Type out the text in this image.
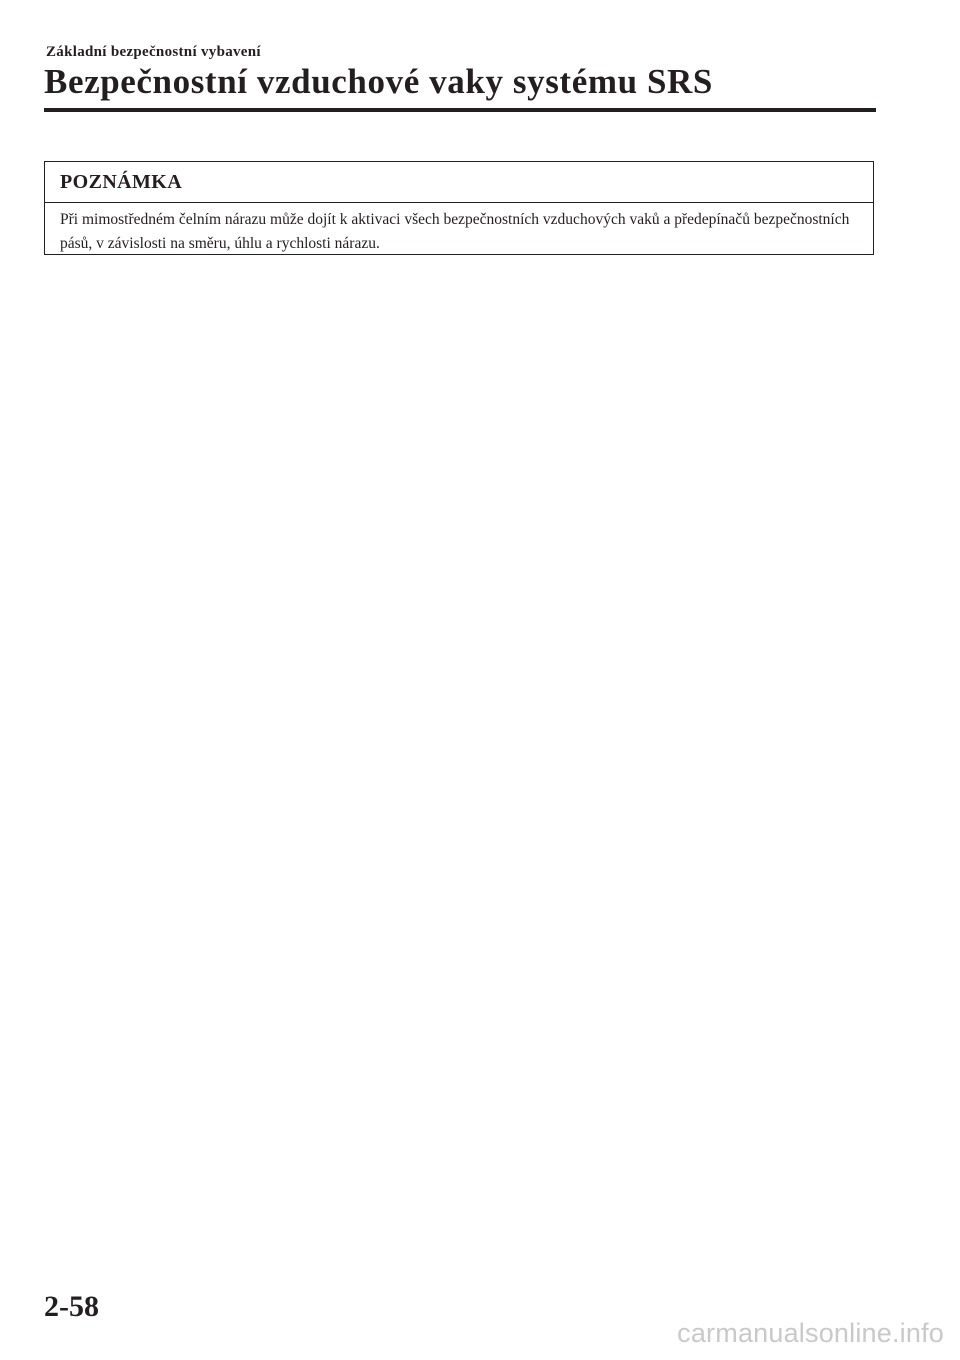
Základní bezpečnostní vybavení
Bezpečnostní vzduchové vaky systému SRS
POZNÁMKA

Při mimostředném čelním nárazu může dojít k aktivaci všech bezpečnostních vzduchových vaků a předepínačů bezpečnostních pásů, v závislosti na směru, úhlu a rychlosti nárazu.

2-58
carmanualsonline.info
